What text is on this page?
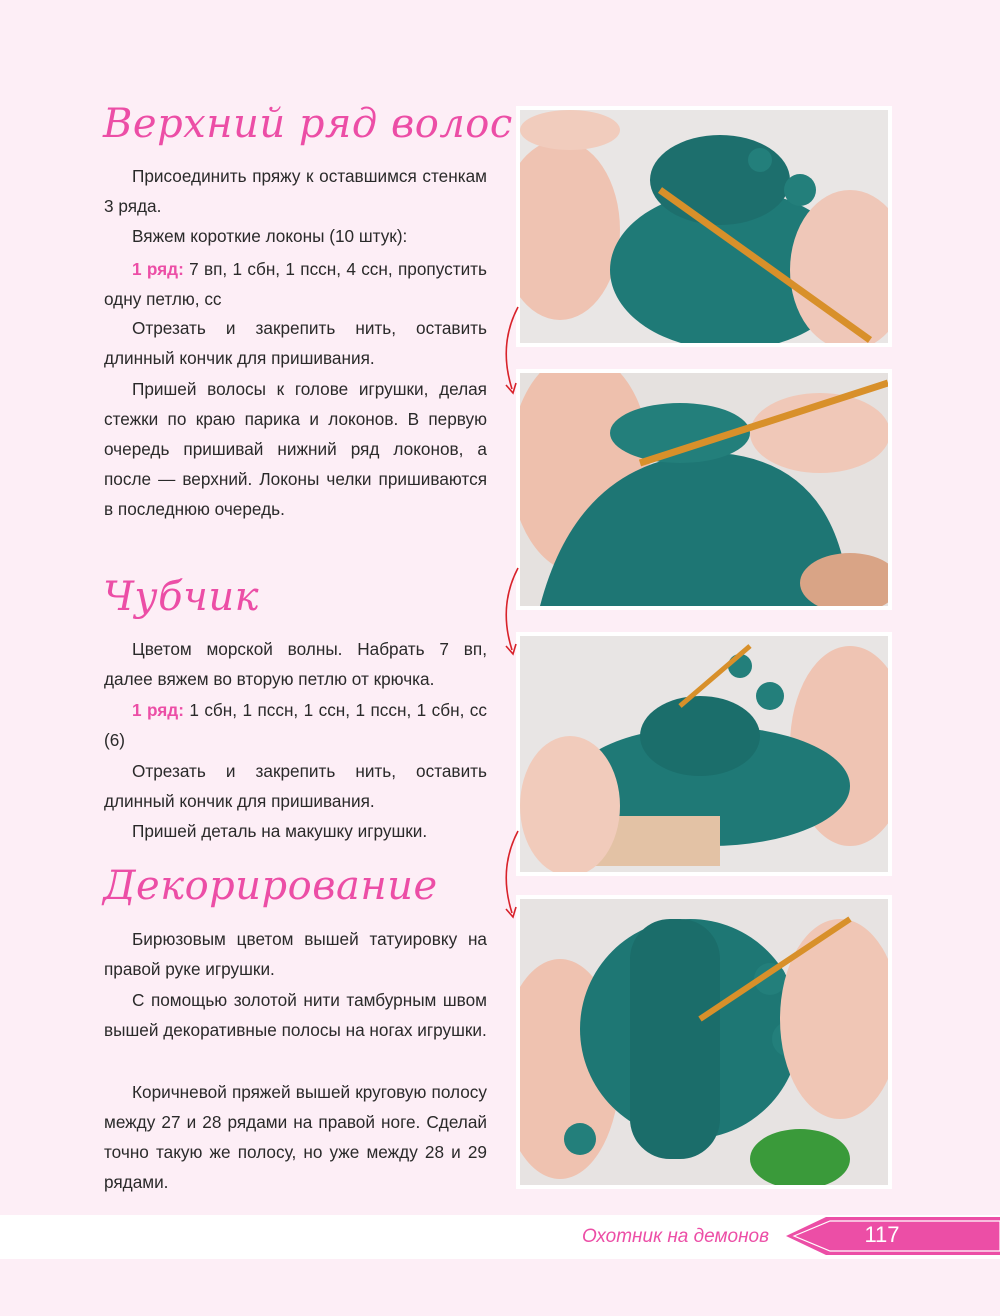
Верхний ряд волос

Присоединить пряжу к оставшимся стенкам 3 ряда.

Вяжем короткие локоны (10 штук):

1 ряд: 7 вп, 1 сбн, 1 пссн, 4 ссн, пропустить одну петлю, сс

Отрезать и закрепить нить, оставить длинный кончик для пришивания.

Пришей волосы к голове игрушки, делая стежки по краю парика и локонов. В первую очередь пришивай нижний ряд локонов, а после — верхний. Локоны челки пришиваются в последнюю очередь.

Чубчик

Цветом морской волны. Набрать 7 вп, далее вяжем во вторую петлю от крючка.

1 ряд: 1 сбн, 1 пссн, 1 ссн, 1 пссн, 1 сбн, сс (6)

Отрезать и закрепить нить, оставить длинный кончик для пришивания.

Пришей деталь на макушку игрушки.

Декорирование

Бирюзовым цветом вышей татуировку на правой руке игрушки.

С помощью золотой нити тамбурным швом вышей декоративные полосы на ногах игрушки.

Коричневой пряжей вышей круговую полосу между 27 и 28 рядами на правой ноге. Сделай точно такую же полосу, но уже между 28 и 29 рядами.

Охотник на демонов	117
